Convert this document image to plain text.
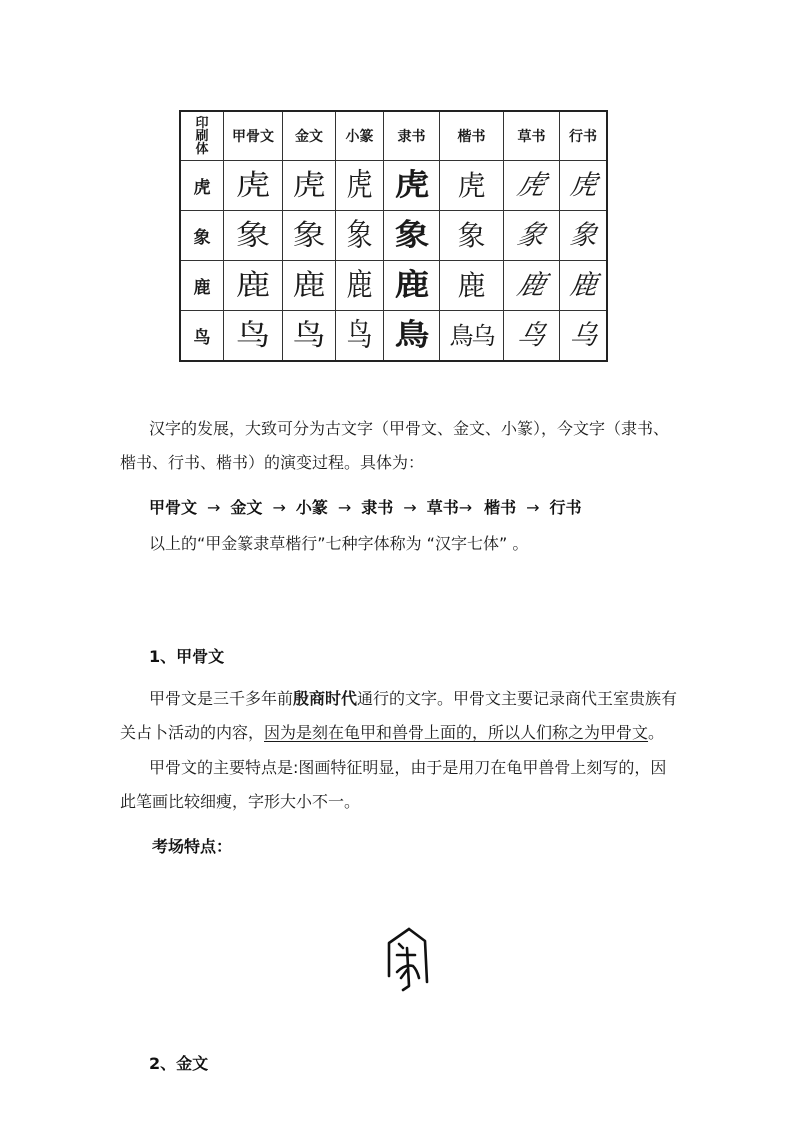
印
刷
体	甲骨文	金文	小篆	隶书	楷书	草书	行书
虎	虎	虎	虎	虎	虎	虎	虎
象	象	象	象	象	象	象	象
鹿	鹿	鹿	鹿	鹿	鹿	鹿	鹿
鸟	鸟	鸟	鸟	鳥	鳥乌	鸟	乌

汉字的发展，大致可分为古文字（甲骨文、金文、小篆），今文字（隶书、楷书、行书、楷书）的演变过程。具体为：

甲骨文 → 金文 → 小篆 → 隶书 → 草书→ 楷书 → 行书

以上的“甲金篆隶草楷行”七种字体称为 “汉字七体” 。

1、甲骨文

甲骨文是三千多年前殷商时代通行的文字。甲骨文主要记录商代王室贵族有关占卜活动的内容，因为是刻在龟甲和兽骨上面的，所以人们称之为甲骨文。

甲骨文的主要特点是:图画特征明显，由于是用刀在龟甲兽骨上刻写的，因此笔画比较细瘦，字形大小不一。

考场特点：
2、金文
